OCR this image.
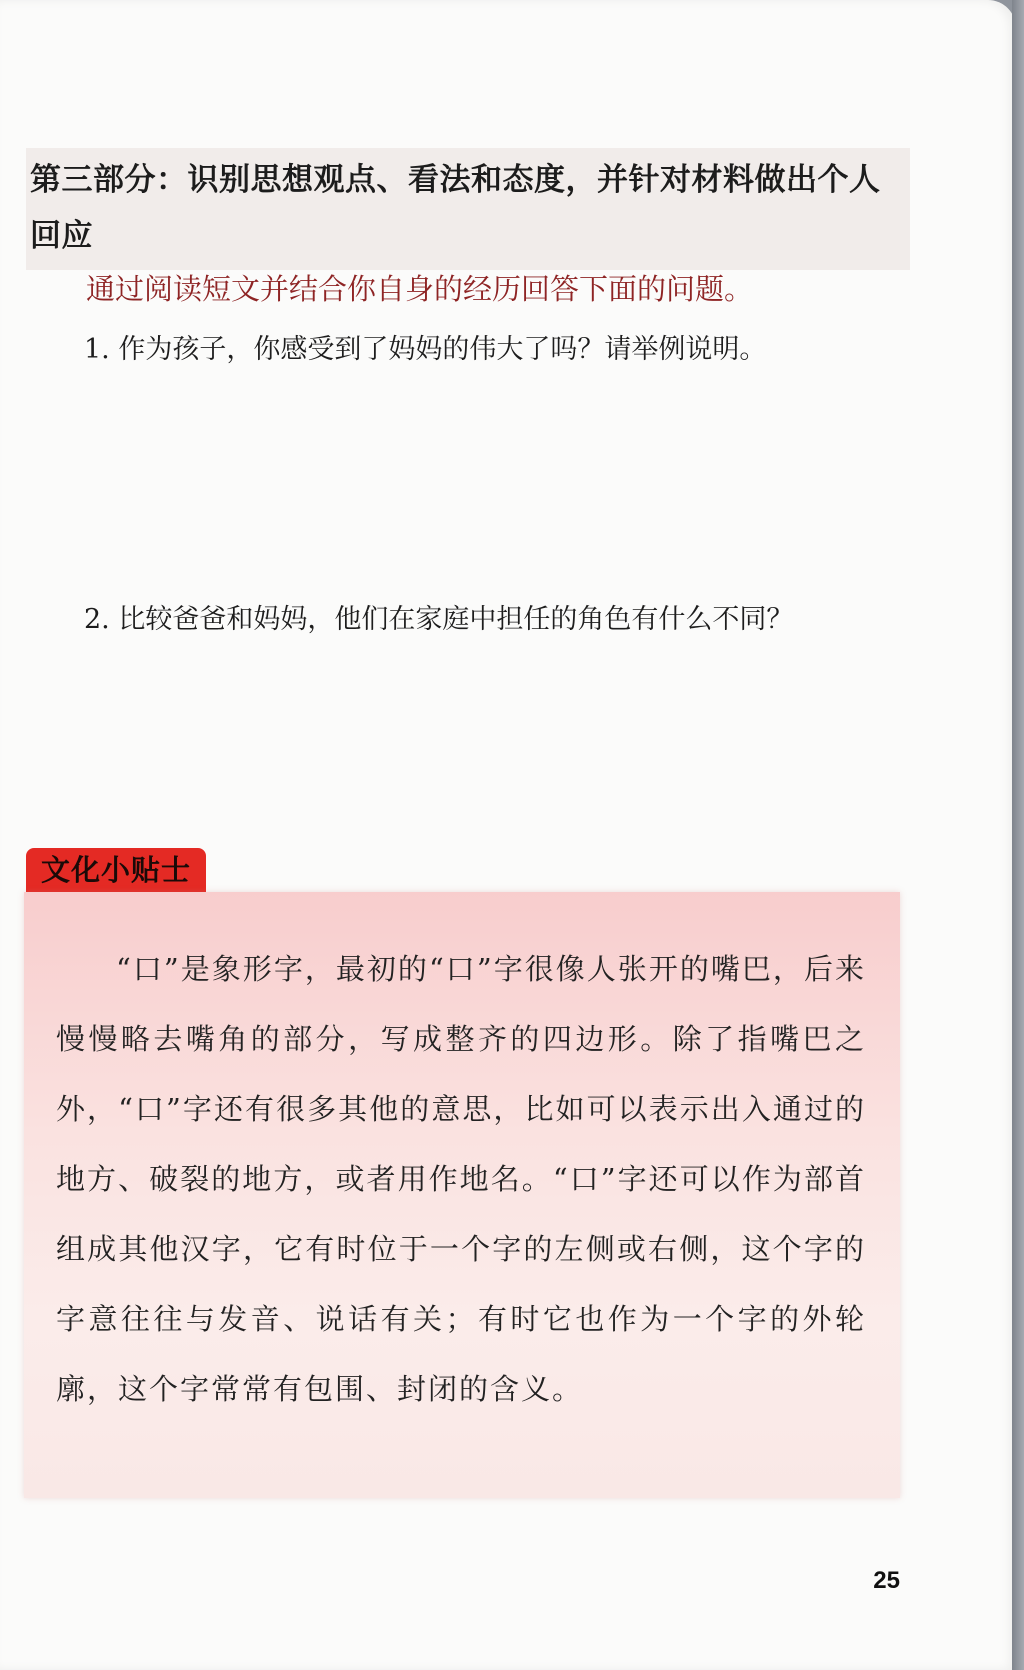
第三部分：识别思想观点、看法和态度，并针对材料做出个人回应
通过阅读短文并结合你自身的经历回答下面的问题。
1. 作为孩子，你感受到了妈妈的伟大了吗？请举例说明。
2. 比较爸爸和妈妈，他们在家庭中担任的角色有什么不同？
文化小贴士

“口”是象形字，最初的“口”字很像人张开的嘴巴，后来慢慢略去嘴角的部分，写成整齐的四边形。除了指嘴巴之外，“口”字还有很多其他的意思，比如可以表示出入通过的地方、破裂的地方，或者用作地名。“口”字还可以作为部首组成其他汉字，它有时位于一个字的左侧或右侧，这个字的字意往往与发音、说话有关；有时它也作为一个字的外轮廓，这个字常常有包围、封闭的含义。

25
